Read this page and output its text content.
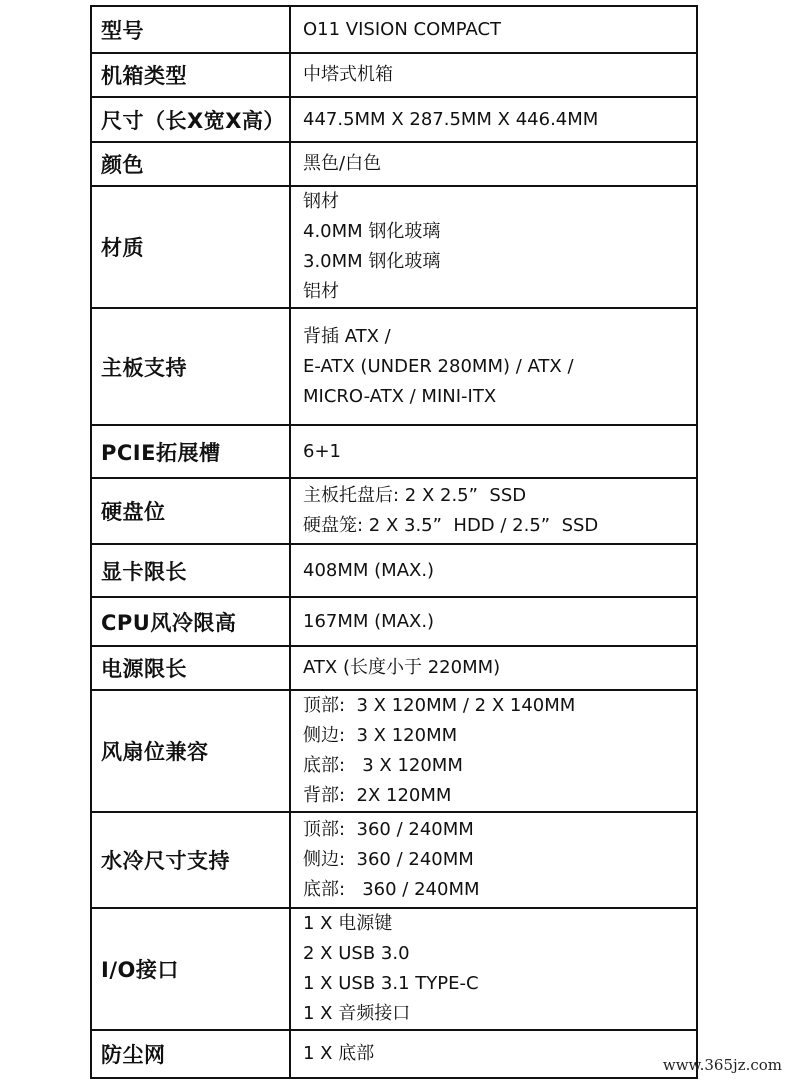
型号	O11 VISION COMPACT

机箱类型	中塔式机箱

尺寸（长X宽X高）	447.5MM X 287.5MM X 446.4MM

颜色	黑色/白色

材质	钢材
4.0MM 钢化玻璃
3.0MM 钢化玻璃
铝材

主板支持	背插 ATX /
E-ATX (UNDER 280MM) / ATX /
MICRO-ATX / MINI-ITX

PCIE拓展槽	6+1

硬盘位	主板托盘后: 2 X 2.5”  SSD
硬盘笼: 2 X 3.5”  HDD / 2.5”  SSD

显卡限长	408MM (MAX.)

CPU风冷限高	167MM (MAX.)

电源限长	ATX (长度小于 220MM)

风扇位兼容	顶部:  3 X 120MM / 2 X 140MM
侧边:  3 X 120MM
底部:   3 X 120MM
背部:  2X 120MM

水冷尺寸支持	顶部:  360 / 240MM
侧边:  360 / 240MM
底部:   360 / 240MM

I/O接口	1 X 电源键
2 X USB 3.0
1 X USB 3.1 TYPE-C
1 X 音频接口

防尘网	1 X 底部
www.365jz.com
